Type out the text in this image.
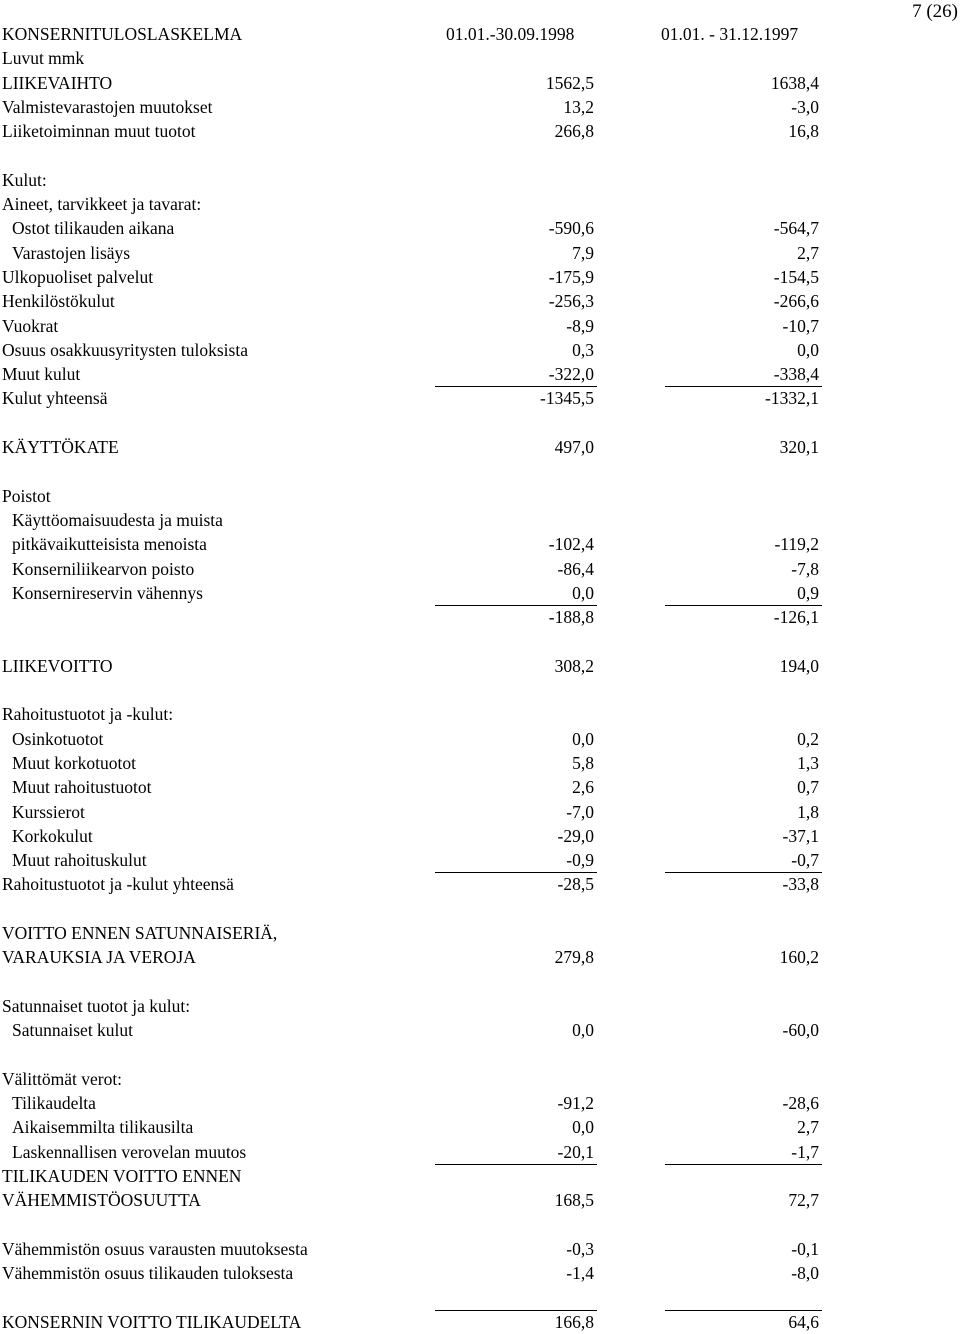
7 (26)
KONSERNITULOSLASKELMA	01.01.-30.09.1998	01.01. - 31.12.1997
Luvut mmk
LIIKEVAIHTO	1562,5	1638,4
Valmistevarastojen muutokset	13,2	-3,0
Liiketoiminnan muut tuotot	266,8	16,8
Kulut:
Aineet, tarvikkeet ja tavarat:
Ostot tilikauden aikana	-590,6	-564,7
Varastojen lisäys	7,9	2,7
Ulkopuoliset palvelut	-175,9	-154,5
Henkilöstökulut	-256,3	-266,6
Vuokrat	-8,9	-10,7
Osuus osakkuusyritysten tuloksista	0,3	0,0
Muut kulut	-322,0	-338,4
Kulut yhteensä	-1345,5	-1332,1
KÄYTTÖKATE	497,0	320,1
Poistot
Käyttöomaisuudesta ja muista
pitkävaikutteisista menoista	-102,4	-119,2
Konserniliikearvon poisto	-86,4	-7,8
Konsernireservin vähennys	0,0	0,9
-188,8	-126,1
LIIKEVOITTO	308,2	194,0
Rahoitustuotot ja -kulut:
Osinkotuotot	0,0	0,2
Muut korkotuotot	5,8	1,3
Muut rahoitustuotot	2,6	0,7
Kurssierot	-7,0	1,8
Korkokulut	-29,0	-37,1
Muut rahoituskulut	-0,9	-0,7
Rahoitustuotot ja -kulut yhteensä	-28,5	-33,8
VOITTO ENNEN SATUNNAISERIÄ,
VARAUKSIA JA VEROJA	279,8	160,2
Satunnaiset tuotot ja kulut:
Satunnaiset kulut	0,0	-60,0
Välittömät verot:
Tilikaudelta	-91,2	-28,6
Aikaisemmilta tilikausilta	0,0	2,7
Laskennallisen verovelan muutos	-20,1	-1,7
TILIKAUDEN VOITTO ENNEN
VÄHEMMISTÖOSUUTTA	168,5	72,7
Vähemmistön osuus varausten muutoksesta	-0,3	-0,1
Vähemmistön osuus tilikauden tuloksesta	-1,4	-8,0
KONSERNIN VOITTO TILIKAUDELTA	166,8	64,6
